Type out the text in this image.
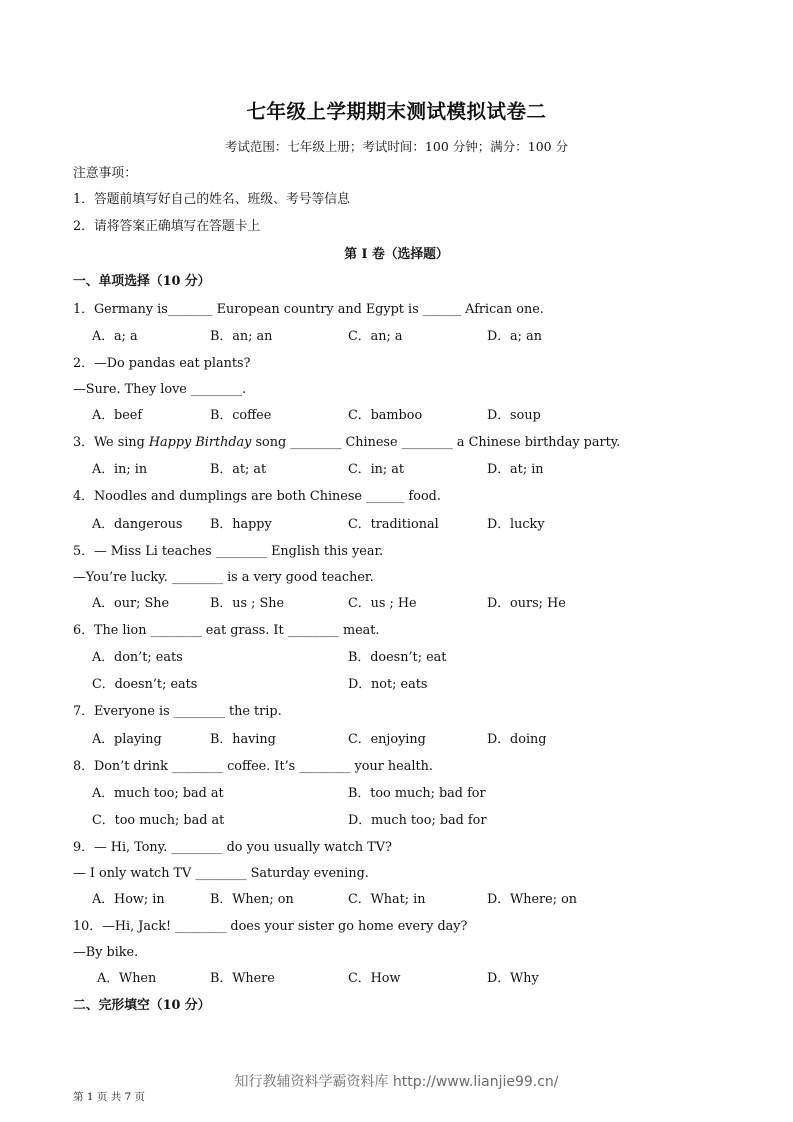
七年级上学期期末测试模拟试卷二
考试范围：七年级上册；考试时间：100 分钟；满分：100 分
注意事项：
1．答题前填写好自己的姓名、班级、考号等信息
2．请将答案正确填写在答题卡上
第 I 卷（选择题）
一、单项选择（10 分）
1．Germany is_______ European country and Egypt is ______ African one.
A．a; a	B．an; an	C．an; a	D．a; an
2．—Do pandas eat plants?
—Sure. They love ________.
A．beef	B．coffee	C．bamboo	D．soup
3．We sing Happy Birthday song ________ Chinese ________ a Chinese birthday party.
A．in; in	B．at; at	C．in; at	D．at; in
4．Noodles and dumplings are both Chinese ______ food.
A．dangerous B．happy	C．traditional	D．lucky
5．— Miss Li teaches ________ English this year.
—You’re lucky. ________ is a very good teacher.
A．our; She	B．us ; She	C．us ; He	D．ours; He
6．The lion ________ eat grass. It ________ meat.
A．don’t; eats	B．doesn’t; eat
C．doesn’t; eats	D．not; eats
7．Everyone is ________ the trip.
A．playing	B．having	C．enjoying	D．doing
8．Don’t drink ________ coffee. It’s ________ your health.
A．much too; bad at	B．too much; bad for
C．too much; bad at	D．much too; bad for
9．— Hi, Tony. ________ do you usually watch TV?
— I only watch TV ________ Saturday evening.
A．How; in	B．When; on	C．What; in	D．Where; on
10．—Hi, Jack! ________ does your sister go home every day?
—By bike.
A．When	B．Where	C．How	D．Why
二、完形填空（10 分）
知行教辅资料学霸资料库 http://www.lianjie99.cn/
第 1 页 共 7 页
